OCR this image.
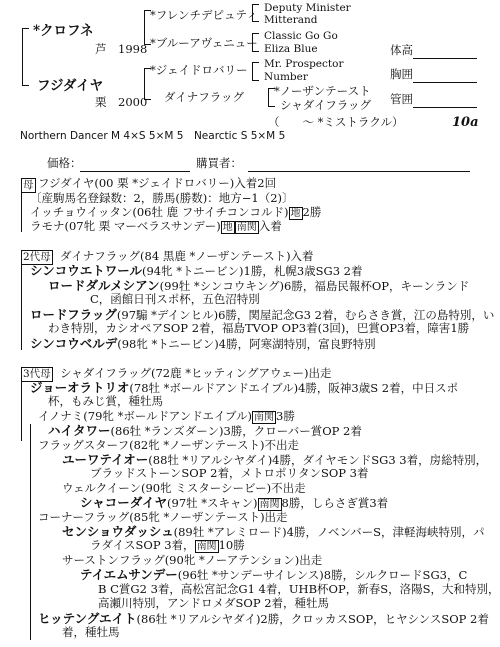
*クロフネ
芦 1998
フジダイヤ
栗 2000
*フレンチデピュティ
*ブルーアヴェニュー
*ジェイドロバリー
ダイナフラッグ
Deputy Minister
Mitterand
Classic Go Go
Eliza Blue
Mr. Prospector
Number
*ノーザンテースト
シャダイフラッグ
（　　〜 *ミストラクル）	10a
Northern Dancer M 4×S 5×M 5　Nearctic S 5×M 5
体高
胸囲
管囲
価格：	購買者：
母 フジダイヤ(00 栗 *ジェイドロバリー)入着2回
〔産駒馬名登録数：2，勝馬(勝数)：地方−1（2)〕
イッチョウイッタン(06牡 鹿 フサイチコンコルド) 地 2勝
ラモナ(07牝 栗 マーベラスサンデー) 地 南関 入着
2代母 ダイナフラッグ(84 黒鹿 *ノーザンテースト)入着
シンコウエトワール(94牝 *トニービン)1勝，札幌3歳SG3 2着
ロードダルメシアン(99牡 *シンコウキング)6勝，福島民報杯OP，キーンランド
C，函館日刊スポ杯，五色沼特別
ロードフラッグ(97騸 *デインヒル)6勝，関屋記念G3 2着，むらさき賞，江の島特別，い
わき特別，カシオペアSOP 2着，福島TVOP OP3着(3回)，巴賞OP3着，障害1勝
シンコウベルデ(98牝 *トニービン)4勝，阿寒湖特別，富良野特別
3代母 シャダイフラッグ(72鹿 *ヒッティングアウェー)出走
ジョーオラトリオ(78牡 *ボールドアンドエイブル)4勝，阪神3歳S 2着，中日スポ
杯，もみじ賞，種牡馬
イノナミ(79牝 *ボールドアンドエイブル) 南関 3勝
ハイタワー(86牡 *ランズダーン)3勝，クローバー賞OP 2着
フラッグスターフ(82牝 *ノーザンテースト)不出走
ユーワテイオー(88牡 *リアルシヤダイ)4勝，ダイヤモンドSG3 3着，房総特別，
ブラッドストーンSOP 2着，メトロポリタンSOP 3着
ウェルクイーン(90牝 ミスターシービー)不出走
シャコーダイヤ(97牡 *スキャン) 南関 8勝，しらさぎ賞3着
コーナーフラッグ(85牝 *ノーザンテースト)出走
センショウダッシュ(89牡 *アレミロード)4勝，ノベンバーS，津軽海峡特別，パ
ラダイスSOP 3着， 南関 10勝
サーストンフラッグ(90牝 *ノーアテンション)出走
テイエムサンデー(96牡 *サンデーサイレンス)8勝，シルクロードSG3，C
B C賞G2 3着，高松宮記念G1 4着，UHB杯OP，新春S，洛陽S，大和特別，
高瀬川特別，アンドロメダSOP 2着，種牡馬
ヒッテングエイト(86牡 *リアルシヤダイ)2勝，クロッカスSOP，ヒヤシンスSOP 2着
着，種牡馬
